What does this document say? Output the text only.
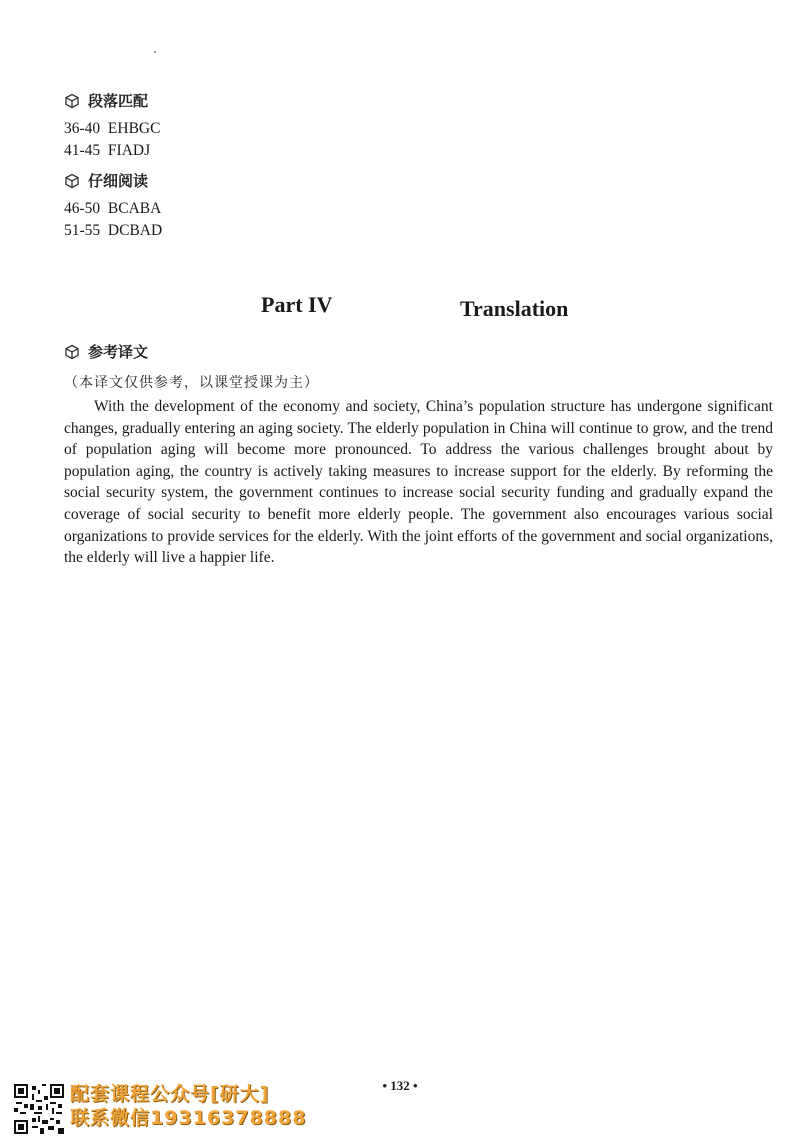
段落匹配
36-40  EHBGC
41-45  FIADJ
仔细阅读
46-50  BCABA
51-55  DCBAD
Part IV	Translation
参考译文
（本译文仅供参考，以课堂授课为主）

With the development of the economy and society, China’s population structure has undergone significant changes, gradually entering an aging society. The elderly population in China will continue to grow, and the trend of population aging will become more pronounced. To address the various challenges brought about by population aging, the country is actively taking measures to increase support for the elderly. By reforming the social security system, the government continues to increase social security funding and gradually expand the coverage of social security to benefit more elderly people. The government also encourages various social organizations to provide services for the elderly. With the joint efforts of the government and social organizations, the elderly will live a happier life.

• 132 •
配套课程公众号[研大]
联系微信19316378888
